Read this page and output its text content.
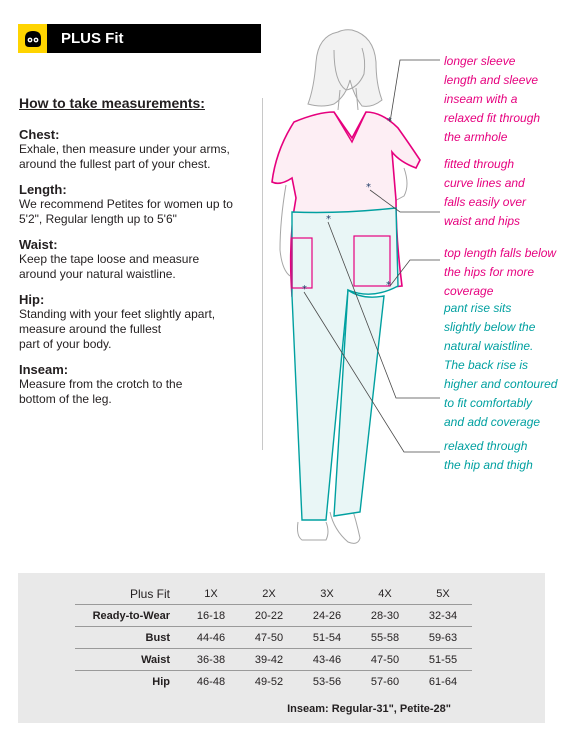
PLUS Fit
How to take measurements:
Chest:
Exhale, then measure under your arms,
around the fullest part of your chest.
Length:
We recommend Petites for women up to
5'2", Regular length up to 5'6"
Waist:
Keep the tape loose and measure
around your natural waistline.
Hip:
Standing with your feet slightly apart,
measure around the fullest
part of your body.
Inseam:
Measure from the crotch to the
bottom of the leg.
*
*
*
*	*
longer sleeve
length and sleeve
inseam with a
relaxed fit through
the armhole
fitted through
curve lines and
falls easily over
waist and hips
top length falls below
the hips for more
coverage
pant rise sits
slightly below the
natural waistline.
The back rise is
higher and contoured
to fit comfortably
and add coverage
relaxed through
the hip and thigh
Plus Fit	1X	2X	3X	4X	5X
Ready-to-Wear	16-18	20-22	24-26	28-30	32-34
Bust	44-46	47-50	51-54	55-58	59-63
Waist	36-38	39-42	43-46	47-50	51-55
Hip	46-48	49-52	53-56	57-60	61-64
Inseam: Regular-31", Petite-28"
